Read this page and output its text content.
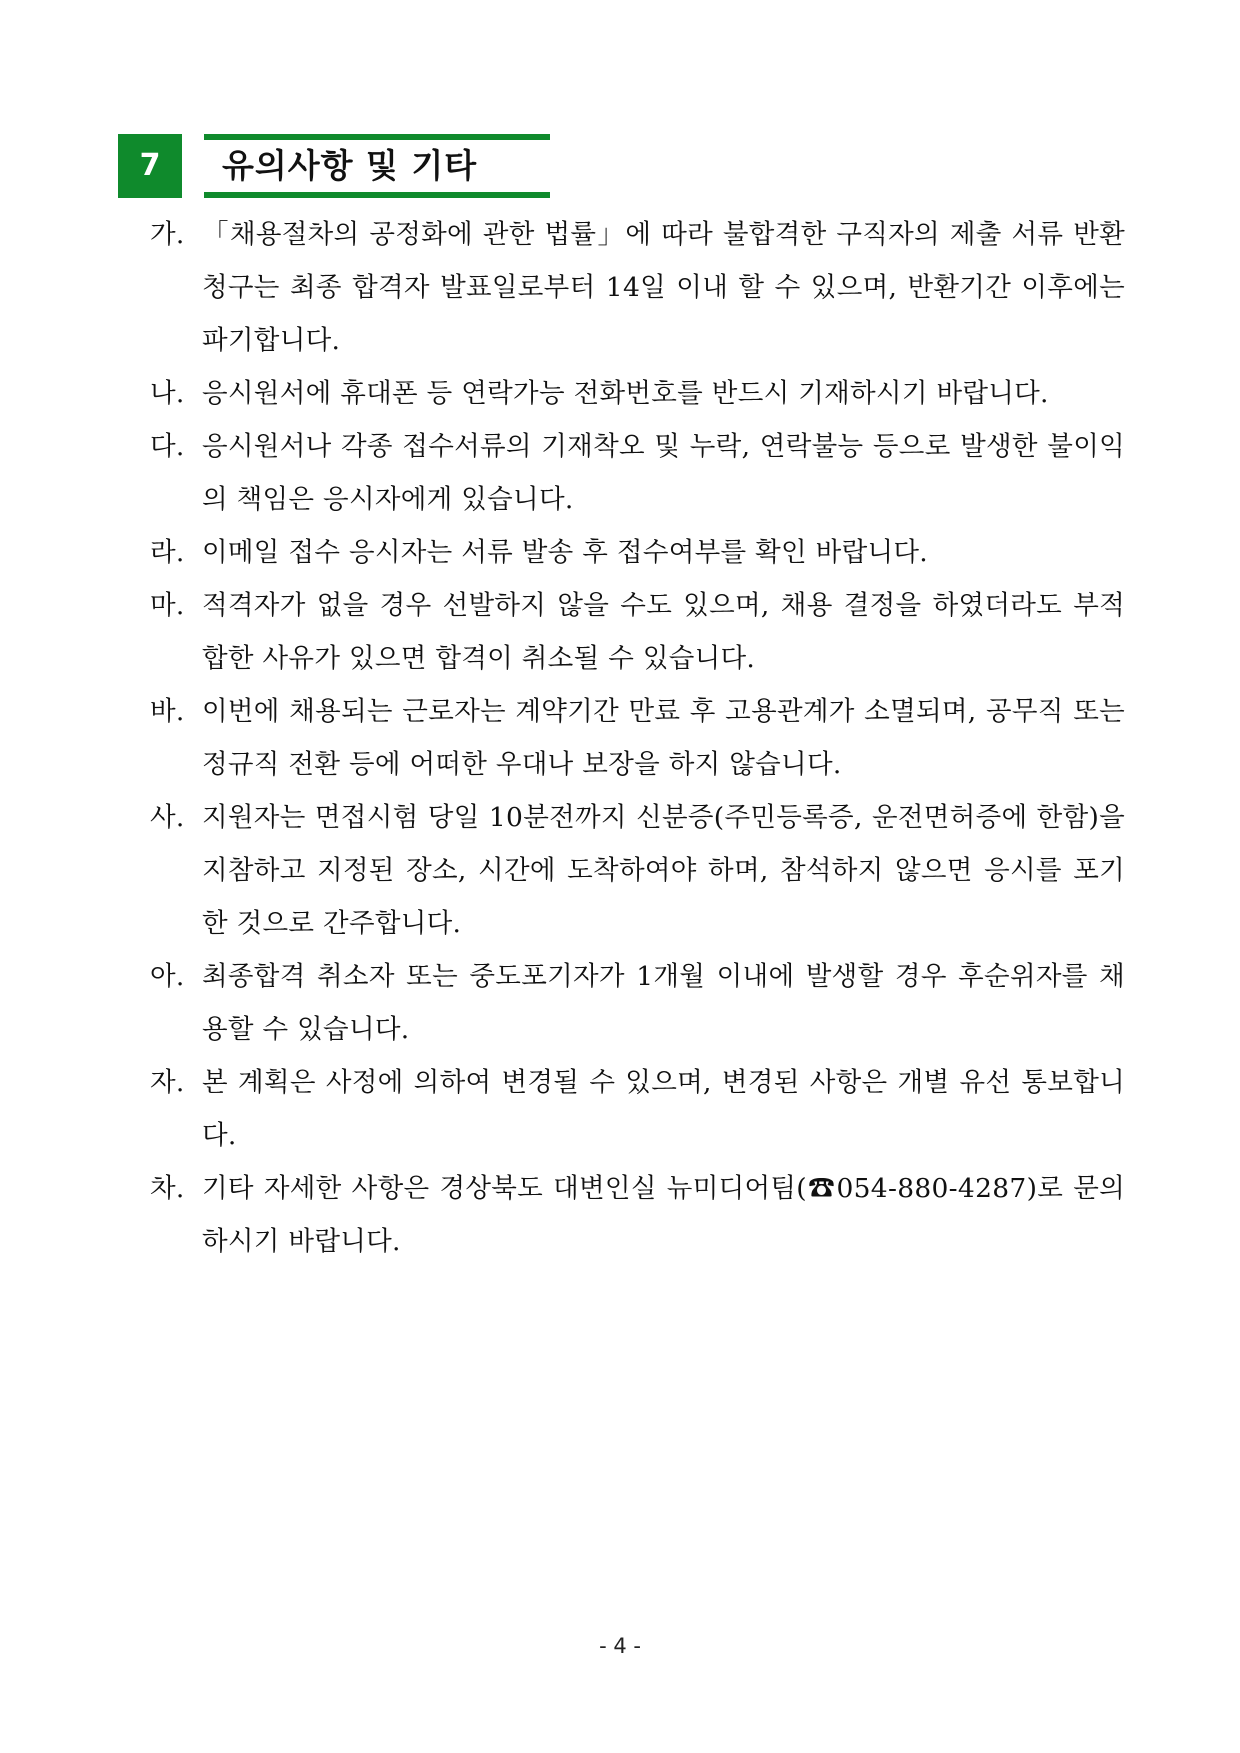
7	유의사항 및 기타
가. 「채용절차의 공정화에 관한 법률」에 따라 불합격한 구직자의 제출 서류 반환 청구는 최종 합격자 발표일로부터 14일 이내 할 수 있으며, 반환기간 이후에는 파기합니다.
나. 응시원서에 휴대폰 등 연락가능 전화번호를 반드시 기재하시기 바랍니다.
다. 응시원서나 각종 접수서류의 기재착오 및 누락, 연락불능 등으로 발생한 불이익의 책임은 응시자에게 있습니다.
라. 이메일 접수 응시자는 서류 발송 후 접수여부를 확인 바랍니다.
마. 적격자가 없을 경우 선발하지 않을 수도 있으며, 채용 결정을 하였더라도 부적합한 사유가 있으면 합격이 취소될 수 있습니다.
바. 이번에 채용되는 근로자는 계약기간 만료 후 고용관계가 소멸되며, 공무직 또는 정규직 전환 등에 어떠한 우대나 보장을 하지 않습니다.
사. 지원자는 면접시험 당일 10분전까지 신분증(주민등록증, 운전면허증에 한함)을 지참하고 지정된 장소, 시간에 도착하여야 하며, 참석하지 않으면 응시를 포기한 것으로 간주합니다.
아. 최종합격 취소자 또는 중도포기자가 1개월 이내에 발생할 경우 후순위자를 채용할 수 있습니다.
자. 본 계획은 사정에 의하여 변경될 수 있으며, 변경된 사항은 개별 유선 통보합니다.
차. 기타 자세한 사항은 경상북도 대변인실 뉴미디어팀(☎054-880-4287)로 문의하시기 바랍니다.
- 4 -
